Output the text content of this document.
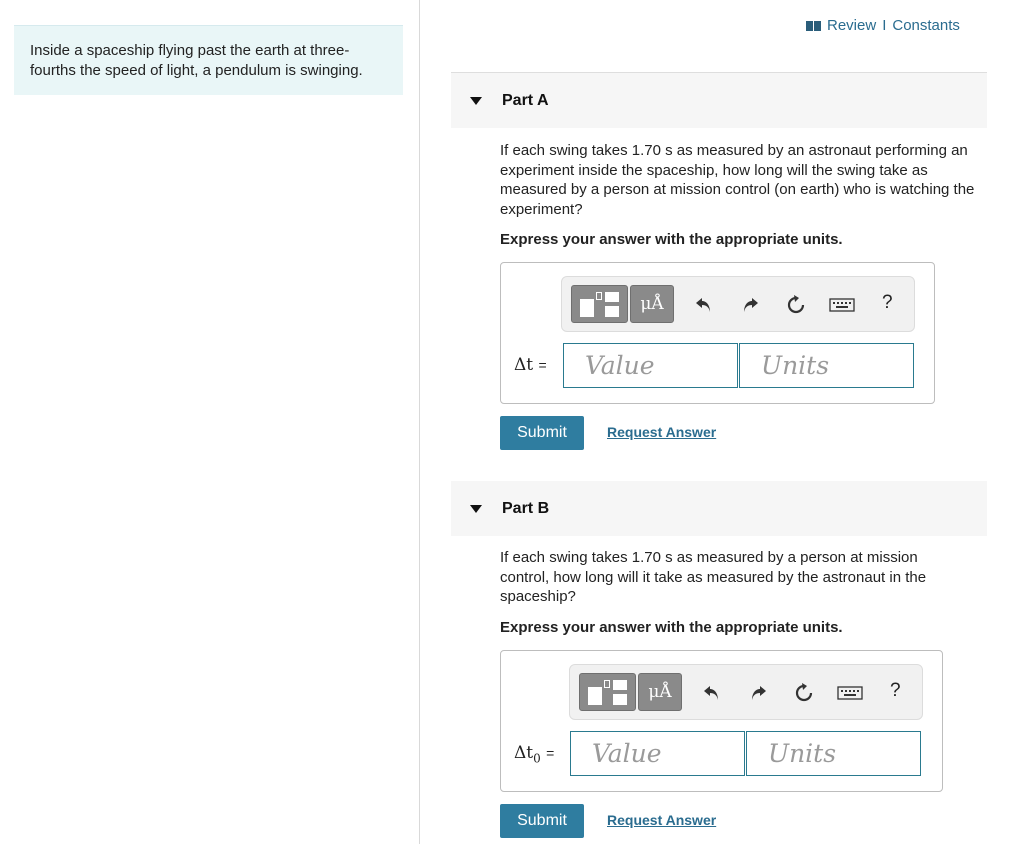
Inside a spaceship flying past the earth at three-fourths the speed of light, a pendulum is swinging.
Review I Constants
Part A
If each swing takes 1.70 s as measured by an astronaut performing an experiment inside the spaceship, how long will the swing take as measured by a person at mission control (on earth) who is watching the experiment?
Express your answer with the appropriate units.
μÅ	?
Δt =	Value	Units
Submit	Request Answer
Part B
If each swing takes 1.70 s as measured by a person at mission control, how long will it take as measured by the astronaut in the spaceship?
Express your answer with the appropriate units.
μÅ	?
$\Delta t_0$ =	Value	Units
Submit	Request Answer
